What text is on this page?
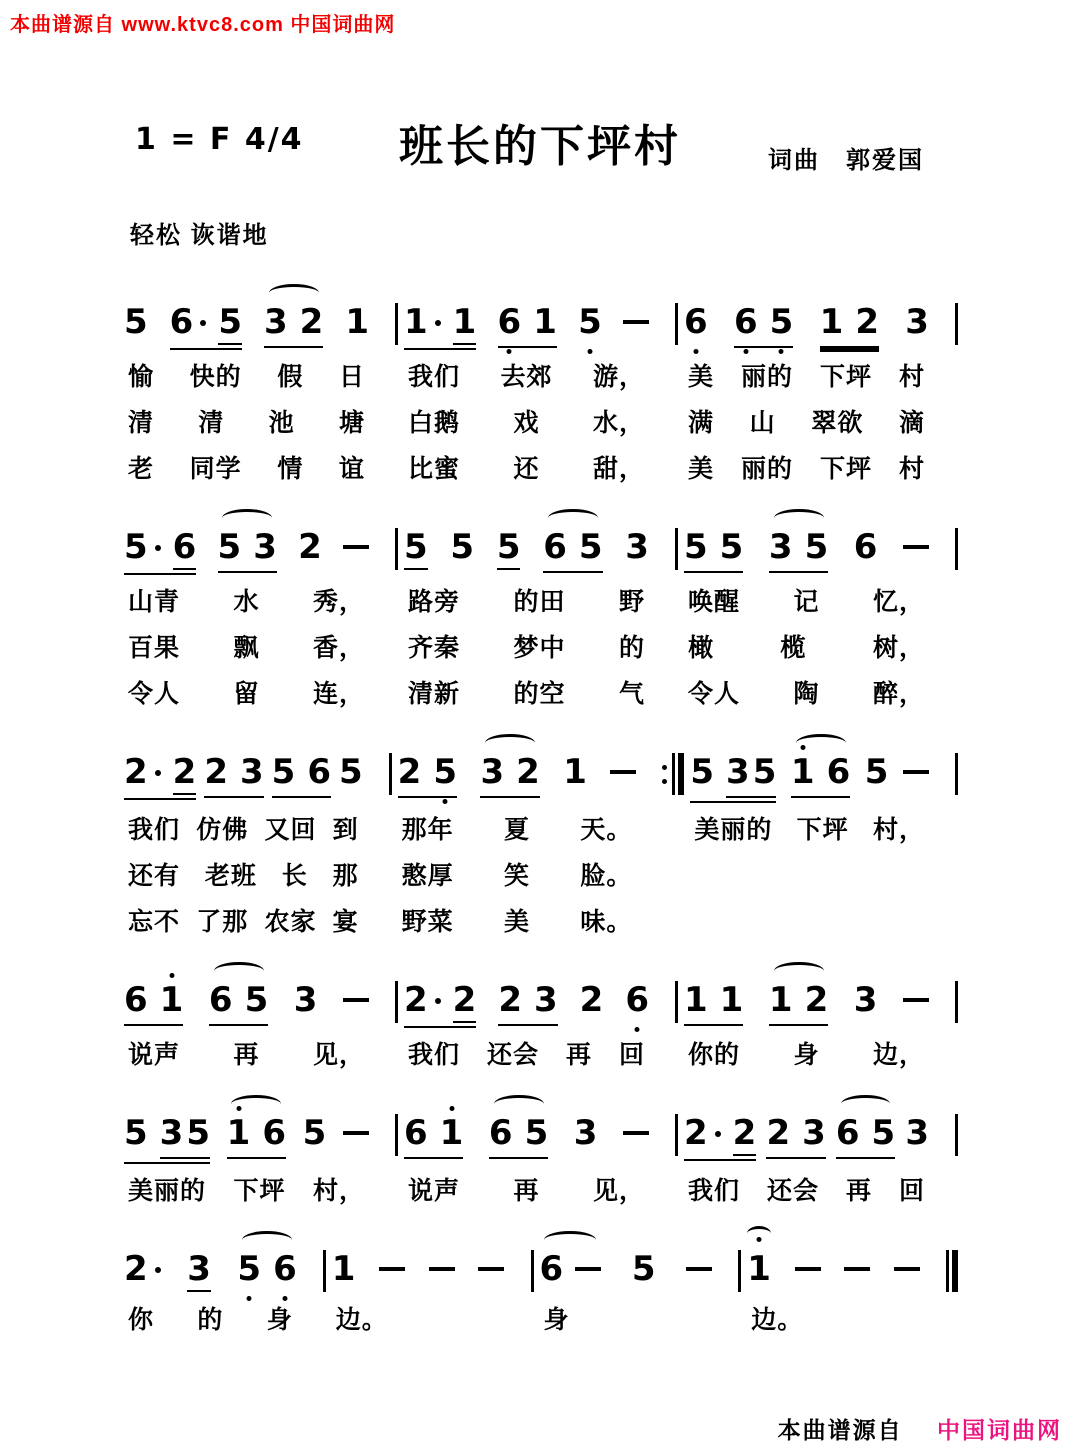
本曲谱源自 www.ktvc8.com 中国词曲网
1 = F 4/4	班长的下坪村	词曲　郭爱国
轻松 诙谐地
5 6 5 3 2 1 1 1 6 1 5 6 6 5 1 2 3
愉 快的 假 日 我们 去郊 游， 美 丽的 下坪 村
清 清 池 塘 白鹅 戏 水， 满 山 翠欲 滴
老 同学 情 谊 比蜜 还 甜， 美 丽的 下坪 村
5 6 5 3 2 5 5 5 6 5 3 5 5 3 5 6
山青 水 秀， 路旁 的田 野 唤醒 记 忆，
百果 飘 香， 齐秦 梦中 的 橄	榄	树，
令人 留 连， 清新 的空 气 令人 陶 醉，
2 2 2 3 5 6 5 2 5 3 2 1	5 3 5 1 6 5
我们 仿佛 又回 到 那年 夏 天。 美丽的 下坪 村，
还有 老班 长 那 憨厚 笑 脸。
忘不 了那 农家 宴 野菜 美 味。
6 1 6 5 3	2 2 2 3 2 6 1 1 1 2 3
说声 再 见， 我们 还会 再 回 你的 身 边，
5 3 5 1 6 5 6 1 6 5 3	2 2 2 3 6 5 3
美丽的 下坪 村， 说声 再 见， 我们 还会 再 回
2 3 5 6 1	6 5	1
你 的 身 边。	身	边。
本曲谱源自 中国词曲网
